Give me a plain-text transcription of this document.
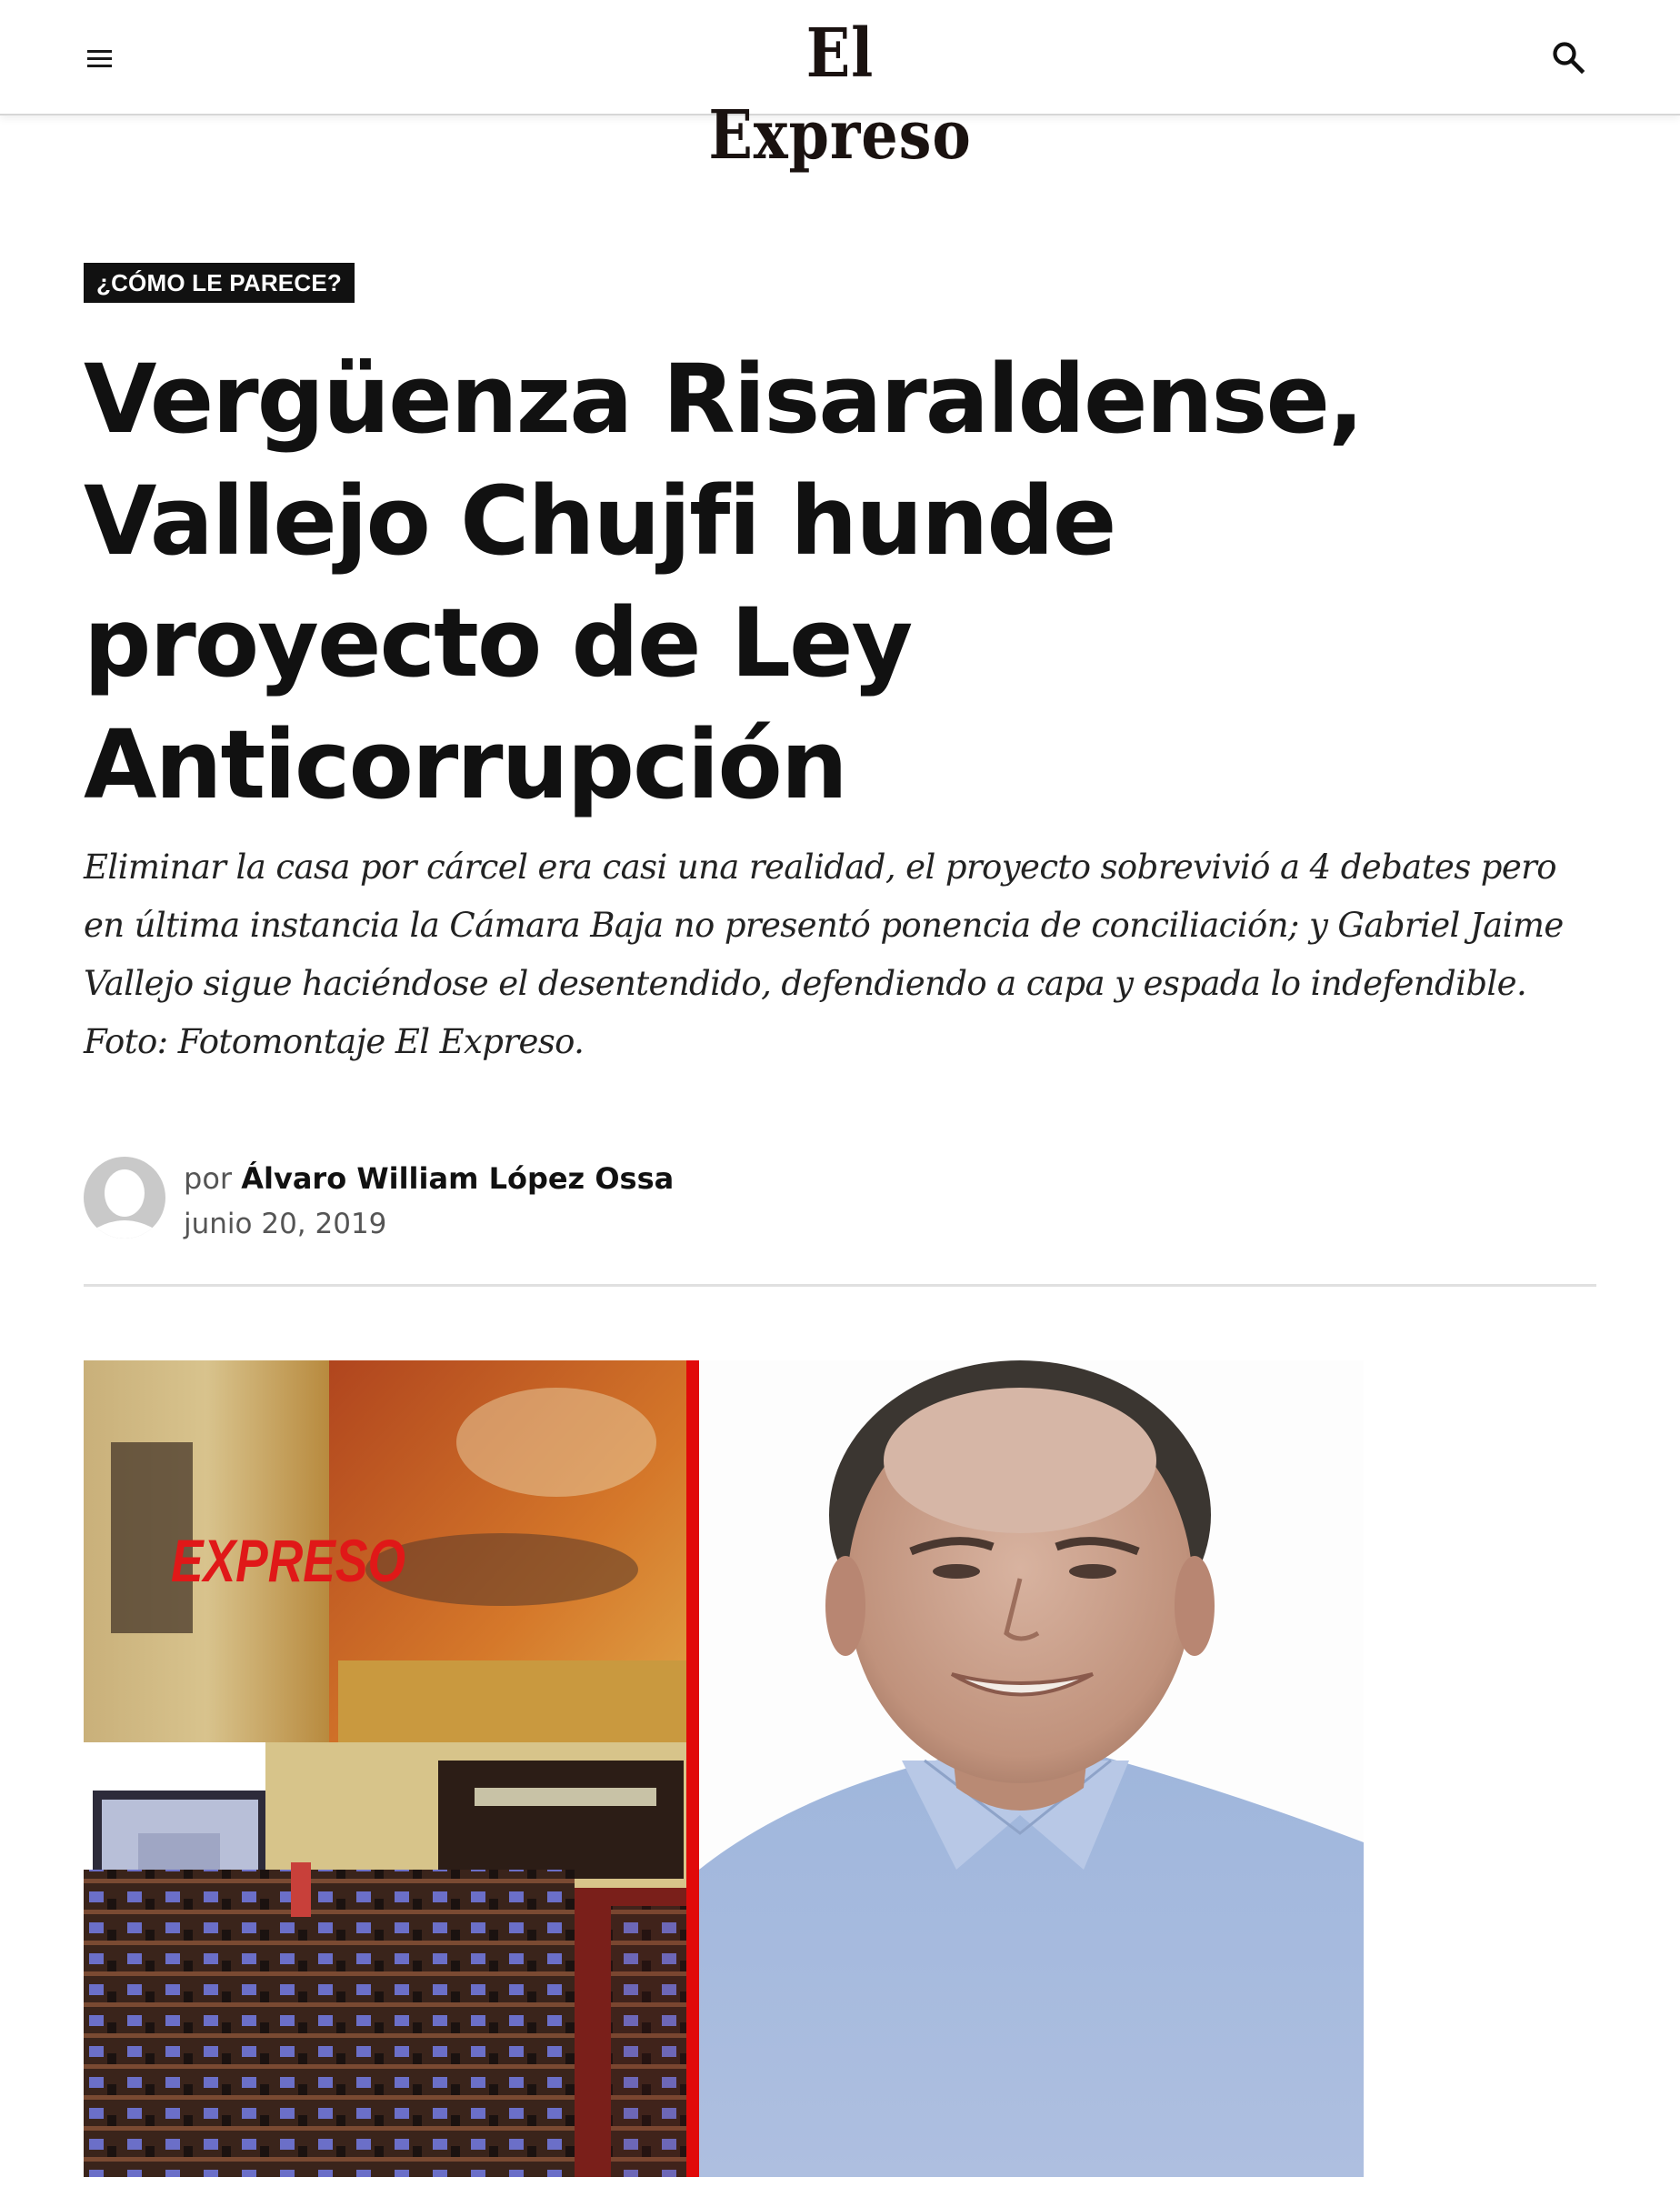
El Expreso
¿CÓMO LE PARECE?
Vergüenza Risaraldense,
Vallejo Chujfi hunde
proyecto de Ley
Anticorrupción
Eliminar la casa por cárcel era casi una realidad, el proyecto sobrevivió a 4 debates pero
en última instancia la Cámara Baja no presentó ponencia de conciliación; y Gabriel Jaime
Vallejo sigue haciéndose el desentendido, defendiendo a capa y espada lo indefendible.
Foto: Fotomontaje El Expreso.
por Álvaro William López Ossa
junio 20, 2019
EXPRESO
